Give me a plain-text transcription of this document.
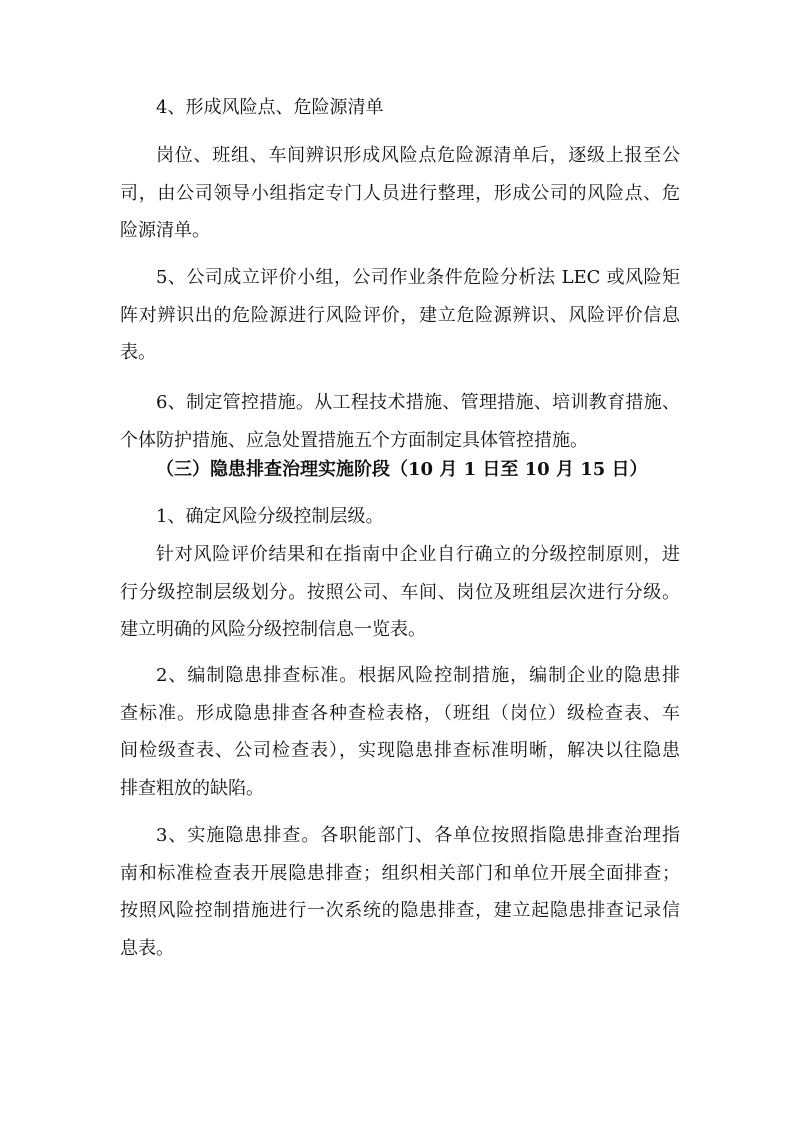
4、形成风险点、危险源清单
岗位、班组、车间辨识形成风险点危险源清单后，逐级上报至公
司，由公司领导小组指定专门人员进行整理，形成公司的风险点、危
险源清单。
5、公司成立评价小组，公司作业条件危险分析法 LEC 或风险矩
阵对辨识出的危险源进行风险评价，建立危险源辨识、风险评价信息
表。
6、制定管控措施。从工程技术措施、管理措施、培训教育措施、
个体防护措施、应急处置措施五个方面制定具体管控措施。
（三）隐患排查治理实施阶段（10 月 1 日至 10 月 15 日）
1、确定风险分级控制层级。
针对风险评价结果和在指南中企业自行确立的分级控制原则，进
行分级控制层级划分。按照公司、车间、岗位及班组层次进行分级。
建立明确的风险分级控制信息一览表。
2、编制隐患排查标准。根据风险控制措施，编制企业的隐患排
查标准。形成隐患排查各种查检表格，（班组（岗位）级检查表、车
间检级查表、公司检查表），实现隐患排查标准明晰，解决以往隐患
排查粗放的缺陷。
3、实施隐患排查。各职能部门、各单位按照指隐患排查治理指
南和标准检查表开展隐患排查；组织相关部门和单位开展全面排查；
按照风险控制措施进行一次系统的隐患排查，建立起隐患排查记录信
息表。
